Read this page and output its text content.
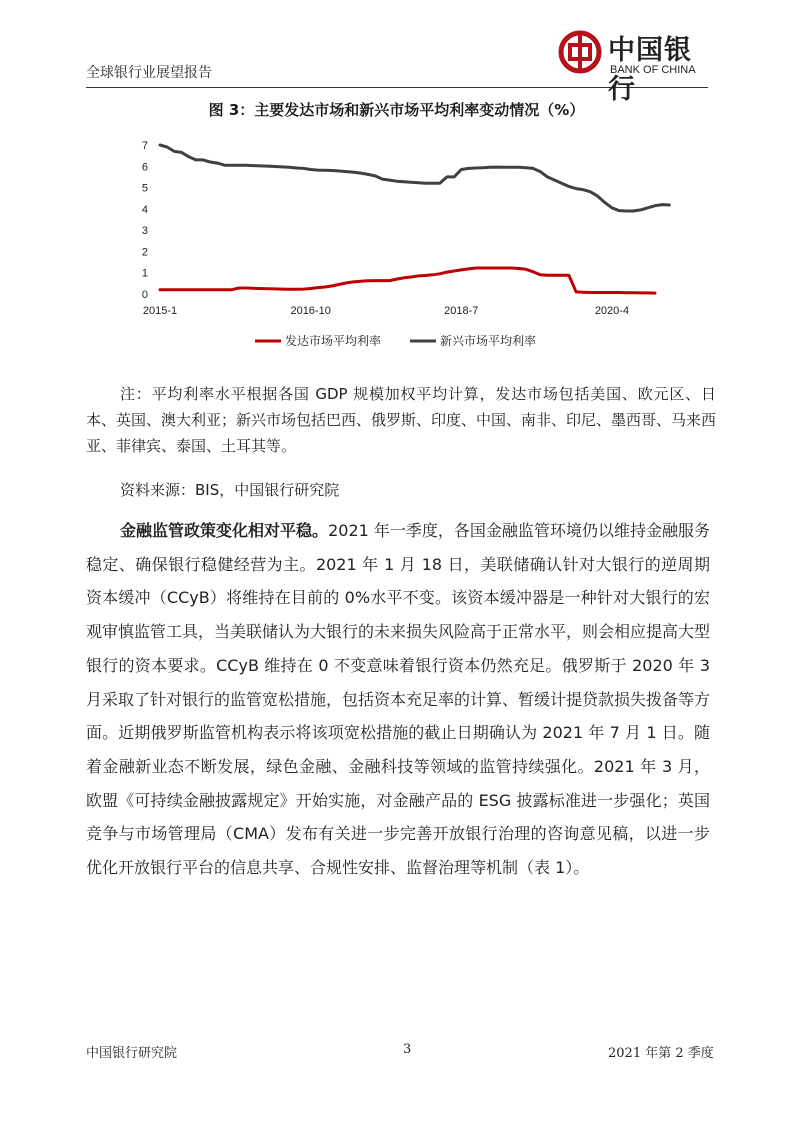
全球银行业展望报告
中国银行
BANK OF CHINA
图 3：主要发达市场和新兴市场平均利率变动情况（%）
0
1
2
3
4
5
6
7
2015-1	2016-10	2018-7	2020-4
发达市场平均利率	新兴市场平均利率
注：平均利率水平根据各国 GDP 规模加权平均计算，发达市场包括美国、欧元区、日本、英国、澳大利亚；新兴市场包括巴西、俄罗斯、印度、中国、南非、印尼、墨西哥、马来西亚、菲律宾、泰国、土耳其等。
资料来源：BIS，中国银行研究院
金融监管政策变化相对平稳。2021 年一季度，各国金融监管环境仍以维持金融服务稳定、确保银行稳健经营为主。2021 年 1 月 18 日，美联储确认针对大银行的逆周期资本缓冲（CCyB）将维持在目前的 0%水平不变。该资本缓冲器是一种针对大银行的宏观审慎监管工具，当美联储认为大银行的未来损失风险高于正常水平，则会相应提高大型银行的资本要求。CCyB 维持在 0 不变意味着银行资本仍然充足。俄罗斯于 2020 年 3 月采取了针对银行的监管宽松措施，包括资本充足率的计算、暂缓计提贷款损失拨备等方面。近期俄罗斯监管机构表示将该项宽松措施的截止日期确认为 2021 年 7 月 1 日。随着金融新业态不断发展，绿色金融、金融科技等领域的监管持续强化。2021 年 3 月，欧盟《可持续金融披露规定》开始实施，对金融产品的 ESG 披露标准进一步强化；英国竞争与市场管理局（CMA）发布有关进一步完善开放银行治理的咨询意见稿，以进一步优化开放银行平台的信息共享、合规性安排、监督治理等机制（表 1）。
中国银行研究院	3	2021 年第 2 季度
